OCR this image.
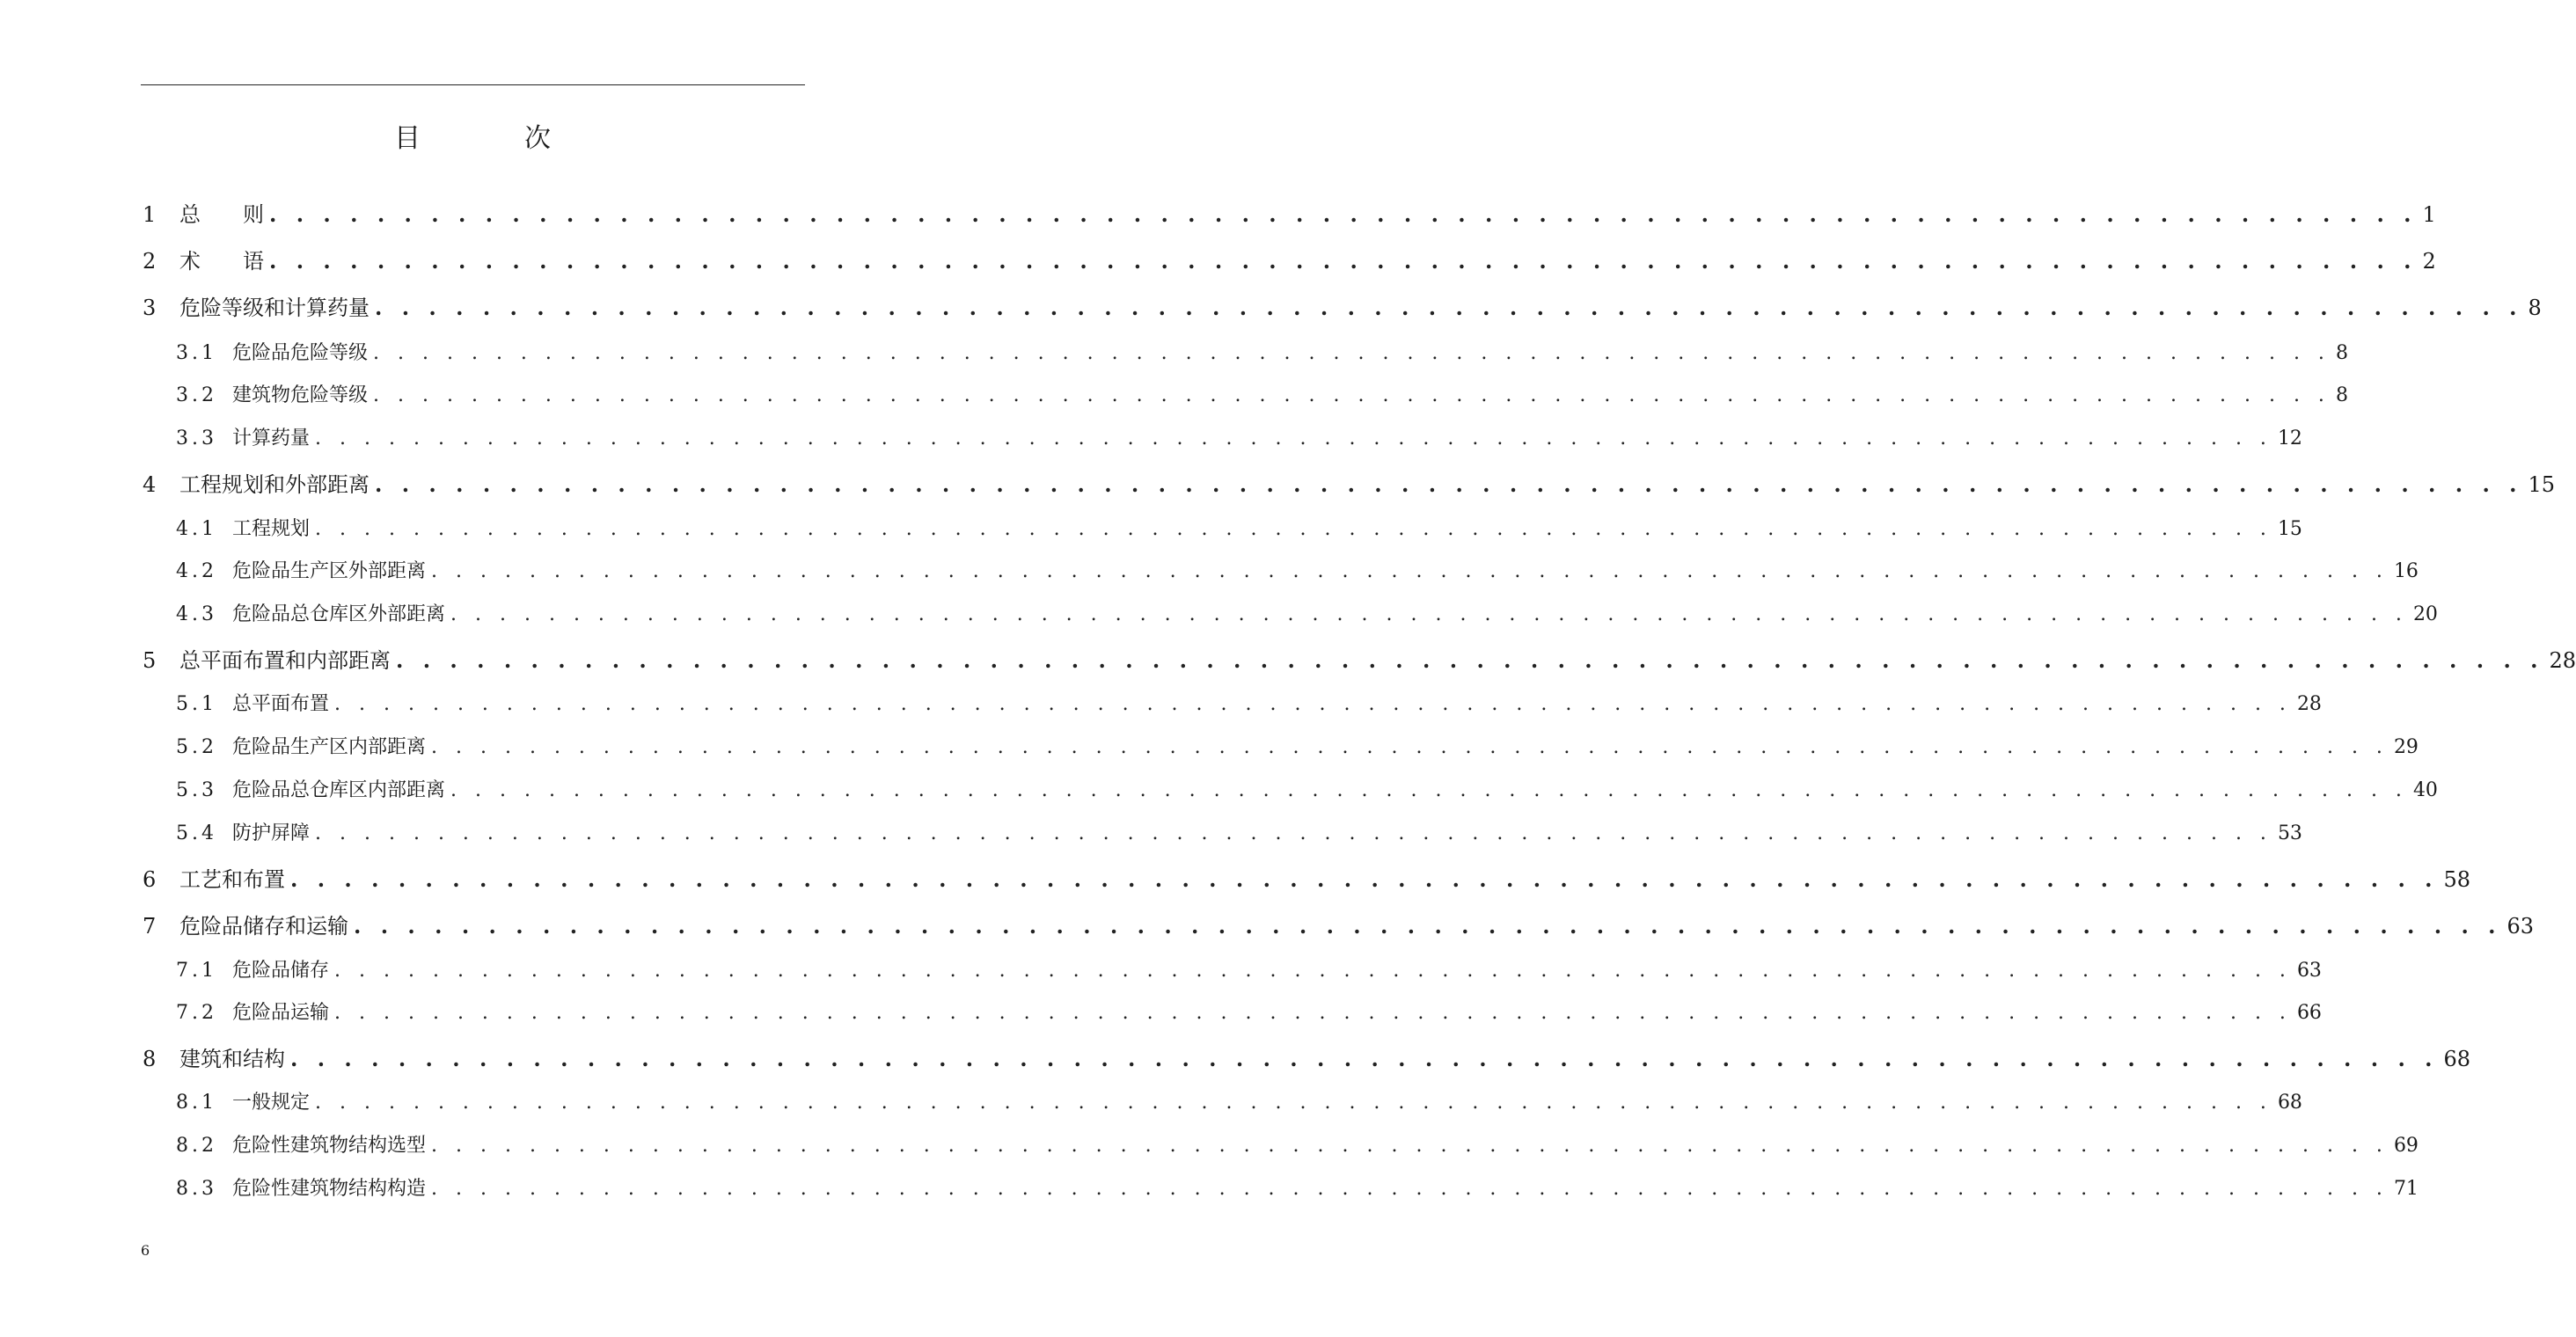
目　次
1	总　　则 . . . . . . . . . . . . . . . . . . . . . . . . . . . . . . . . . . . . . . . . . . . . . . . . . . . . . . . . . . . . . . . . . . . . . . . . . . . . . . . . 1
2	术　　语 . . . . . . . . . . . . . . . . . . . . . . . . . . . . . . . . . . . . . . . . . . . . . . . . . . . . . . . . . . . . . . . . . . . . . . . . . . . . . . . . 2
3	危险等级和计算药量 . . . . . . . . . . . . . . . . . . . . . . . . . . . . . . . . . . . . . . . . . . . . . . . . . . . . . . . . . . . . . . . . . . . . . . . . . . . . . . . . 8
3.1 危险品危险等级 . . . . . . . . . . . . . . . . . . . . . . . . . . . . . . . . . . . . . . . . . . . . . . . . . . . . . . . . . . . . . . . . . . . . . . . . . . . . . . . . 8
3.2 建筑物危险等级 . . . . . . . . . . . . . . . . . . . . . . . . . . . . . . . . . . . . . . . . . . . . . . . . . . . . . . . . . . . . . . . . . . . . . . . . . . . . . . . . 8
3.3 计算药量 . . . . . . . . . . . . . . . . . . . . . . . . . . . . . . . . . . . . . . . . . . . . . . . . . . . . . . . . . . . . . . . . . . . . . . . . . . . . . . . . 12
4	工程规划和外部距离 . . . . . . . . . . . . . . . . . . . . . . . . . . . . . . . . . . . . . . . . . . . . . . . . . . . . . . . . . . . . . . . . . . . . . . . . . . . . . . . . 15
4.1 工程规划 . . . . . . . . . . . . . . . . . . . . . . . . . . . . . . . . . . . . . . . . . . . . . . . . . . . . . . . . . . . . . . . . . . . . . . . . . . . . . . . . 15
4.2 危险品生产区外部距离 . . . . . . . . . . . . . . . . . . . . . . . . . . . . . . . . . . . . . . . . . . . . . . . . . . . . . . . . . . . . . . . . . . . . . . . . . . . . . . . . 16
4.3 危险品总仓库区外部距离 . . . . . . . . . . . . . . . . . . . . . . . . . . . . . . . . . . . . . . . . . . . . . . . . . . . . . . . . . . . . . . . . . . . . . . . . . . . . . . . . 20
5	总平面布置和内部距离 . . . . . . . . . . . . . . . . . . . . . . . . . . . . . . . . . . . . . . . . . . . . . . . . . . . . . . . . . . . . . . . . . . . . . . . . . . . . . . . . 28
5.1 总平面布置 . . . . . . . . . . . . . . . . . . . . . . . . . . . . . . . . . . . . . . . . . . . . . . . . . . . . . . . . . . . . . . . . . . . . . . . . . . . . . . . . 28
5.2 危险品生产区内部距离 . . . . . . . . . . . . . . . . . . . . . . . . . . . . . . . . . . . . . . . . . . . . . . . . . . . . . . . . . . . . . . . . . . . . . . . . . . . . . . . . 29
5.3 危险品总仓库区内部距离 . . . . . . . . . . . . . . . . . . . . . . . . . . . . . . . . . . . . . . . . . . . . . . . . . . . . . . . . . . . . . . . . . . . . . . . . . . . . . . . . 40
5.4 防护屏障 . . . . . . . . . . . . . . . . . . . . . . . . . . . . . . . . . . . . . . . . . . . . . . . . . . . . . . . . . . . . . . . . . . . . . . . . . . . . . . . . 53
6	工艺和布置 . . . . . . . . . . . . . . . . . . . . . . . . . . . . . . . . . . . . . . . . . . . . . . . . . . . . . . . . . . . . . . . . . . . . . . . . . . . . . . . . 58
7	危险品储存和运输 . . . . . . . . . . . . . . . . . . . . . . . . . . . . . . . . . . . . . . . . . . . . . . . . . . . . . . . . . . . . . . . . . . . . . . . . . . . . . . . . 63
7.1 危险品储存 . . . . . . . . . . . . . . . . . . . . . . . . . . . . . . . . . . . . . . . . . . . . . . . . . . . . . . . . . . . . . . . . . . . . . . . . . . . . . . . . 63
7.2 危险品运输 . . . . . . . . . . . . . . . . . . . . . . . . . . . . . . . . . . . . . . . . . . . . . . . . . . . . . . . . . . . . . . . . . . . . . . . . . . . . . . . . 66
8	建筑和结构 . . . . . . . . . . . . . . . . . . . . . . . . . . . . . . . . . . . . . . . . . . . . . . . . . . . . . . . . . . . . . . . . . . . . . . . . . . . . . . . . 68
8.1 一般规定 . . . . . . . . . . . . . . . . . . . . . . . . . . . . . . . . . . . . . . . . . . . . . . . . . . . . . . . . . . . . . . . . . . . . . . . . . . . . . . . . 68
8.2 危险性建筑物结构选型 . . . . . . . . . . . . . . . . . . . . . . . . . . . . . . . . . . . . . . . . . . . . . . . . . . . . . . . . . . . . . . . . . . . . . . . . . . . . . . . . 69
8.3 危险性建筑物结构构造 . . . . . . . . . . . . . . . . . . . . . . . . . . . . . . . . . . . . . . . . . . . . . . . . . . . . . . . . . . . . . . . . . . . . . . . . . . . . . . . . 71
6
